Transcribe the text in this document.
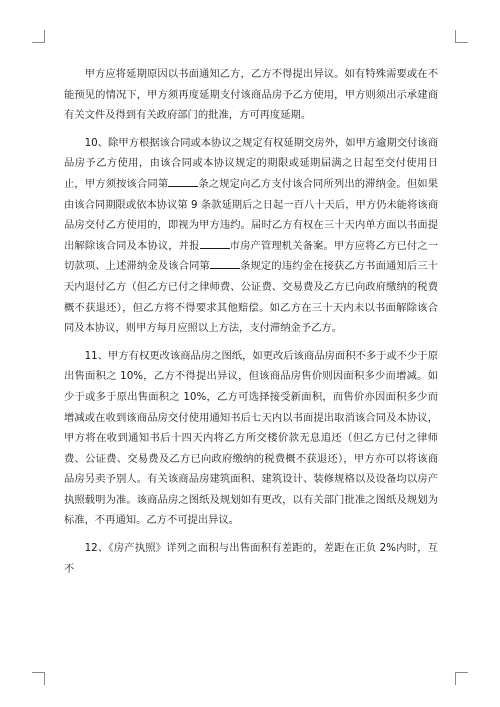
甲方应将延期原因以书面通知乙方，乙方不得提出异议。如有特殊需要或在不能预见的情况下，甲方须再度延期支付该商品房予乙方使用，甲方则须出示承建商有关文件及得到有关政府部门的批准，方可再度延期。

10、除甲方根据该合同或本协议之规定有权延期交房外，如甲方逾期交付该商品房予乙方使用，由该合同或本协议规定的期限或延期届满之日起至交付使用日止，甲方须按该合同第	条之规定向乙方支付该合同所列出的滞纳金。但如果由该合同期限或依本协议第 9 条款延期后之日起一百八十天后，甲方仍未能将该商品房交付乙方使用的，即视为甲方违约。届时乙方有权在三十天内单方面以书面提出解除该合同及本协议，并报	市房产管理机关备案。甲方应将乙方已付之一切款项、上述滞纳金及该合同第	条规定的违约金在接获乙方书面通知后三十天内退付乙方（但乙方已付之律师费、公证费、交易费及乙方已向政府缴纳的税费概不获退还），但乙方将不得要求其他赔偿。如乙方在三十天内未以书面解除该合同及本协议，则甲方每月应照以上方法，支付滞纳金予乙方。

11、甲方有权更改该商品房之图纸，如更改后该商品房面积不多于或不少于原出售面积之 10%，乙方不得提出异议，但该商品房售价则因面积多少而增减。如少于或多于原出售面积之 10%，乙方可选择接受新面积，而售价亦因面积多少而增减或在收到该商品房交付使用通知书后七天内以书面提出取消该合同及本协议，甲方将在收到通知书后十四天内将乙方所交楼价款无息追还（但乙方已付之律师费、公证费、交易费及乙方已向政府缴纳的税费概不获退还），甲方亦可以将该商品房另卖予别人。有关该商品房建筑面积、建筑设计、装修规格以及设备均以房产执照载明为准。该商品房之图纸及规划如有更改，以有关部门批准之图纸及规划为标准，不再通知。乙方不可提出异议。

12、《房产执照》详列之面积与出售面积有差距的，差距在正负 2%内时，互不
